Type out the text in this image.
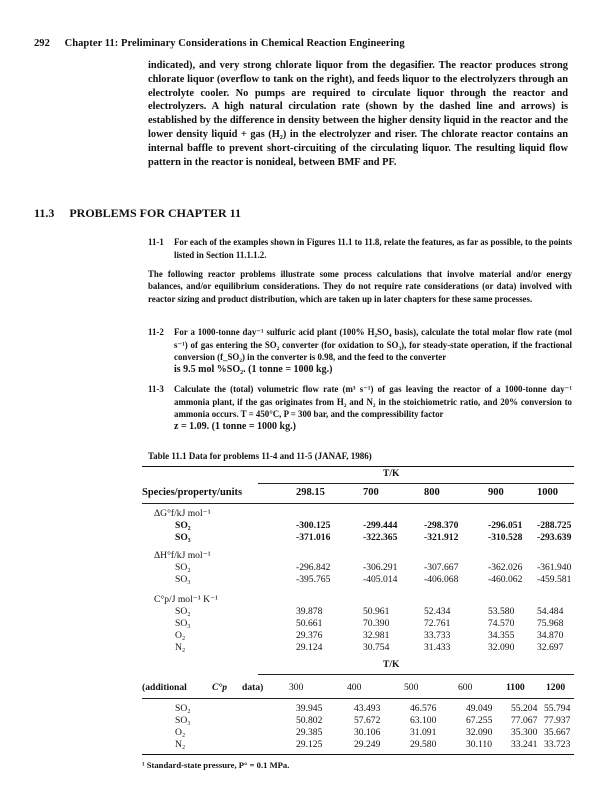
292 Chapter 11: Preliminary Considerations in Chemical Reaction Engineering
indicated), and very strong chlorate liquor from the degasifier. The reactor produces strong chlorate liquor (overflow to tank on the right), and feeds liquor to the electrolyzers through an electrolyte cooler. No pumps are required to circulate liquor through the reactor and electrolyzers. A high natural circulation rate (shown by the dashed line and arrows) is established by the difference in density between the higher density liquid in the reactor and the lower density liquid + gas (H₂) in the electrolyzer and riser. The chlorate reactor contains an internal baffle to prevent short-circuiting of the circulating liquor. The resulting liquid flow pattern in the reactor is nonideal, between BMF and PF.
11.3 PROBLEMS FOR CHAPTER 11
11-1 For each of the examples shown in Figures 11.1 to 11.8, relate the features, as far as possible, to the points listed in Section 11.1.1.2.
The following reactor problems illustrate some process calculations that involve material and/or energy balances, and/or equilibrium considerations. They do not require rate considerations (or data) involved with reactor sizing and product distribution, which are taken up in later chapters for these same processes.
11-2 For a 1000-tonne day⁻¹ sulfuric acid plant (100% H₂SO₄ basis), calculate the total molar flow rate (mol s⁻¹) of gas entering the SO₂ converter (for oxidation to SO₃), for steady-state operation, if the fractional conversion (f_SO₂) in the converter is 0.98, and the feed to the converter
is 9.5 mol %SO₂. (1 tonne = 1000 kg.)
11-3 Calculate the (total) volumetric flow rate (m³ s⁻¹) of gas leaving the reactor of a 1000-tonne day⁻¹ ammonia plant, if the gas originates from H₂ and N₂ in the stoichiometric ratio, and 20% conversion to ammonia occurs. T = 450°C, P = 300 bar, and the compressibility factor
z = 1.09. (1 tonne = 1000 kg.)
Table 11.1 Data for problems 11-4 and 11-5 (JANAF, 1986)
T/K
Species/property/units	298.15	700	800	900	1000
ΔG°f/kJ mol⁻¹
SO₂	-300.125	-299.444	-298.370	-296.051 -288.725
SO₃	-371.016	-322.365	-321.912	-310.528 -293.639
ΔH°f/kJ mol⁻¹
SO₂	-296.842	-306.291	-307.667	-362.026 -361.940
SO₃	-395.765	-405.014	-406.068	-460.062 -459.581
C°p/J mol⁻¹ K⁻¹
SO₂	39.878	50.961	52.434	53.580 54.484
SO₃	50.661	70.390	72.761	74.570 75.968
O₂	29.376	32.981	33.733	34.355 34.870
N₂	29.124	30.754	31.433	32.090 32.697
T/K
(additional	C°p data)	300	400	500	600	1100 1200
SO₂	39.945	43.493	46.576	49.049 55.204 55.794
SO₃	50.802	57.672	63.100	67.255 77.067 77.937
O₂	29.385	30.106	31.091	32.090 35.300 35.667
N₂	29.125	29.249	29.580	30.110 33.241 33.723
¹ Standard-state pressure, P° = 0.1 MPa.
